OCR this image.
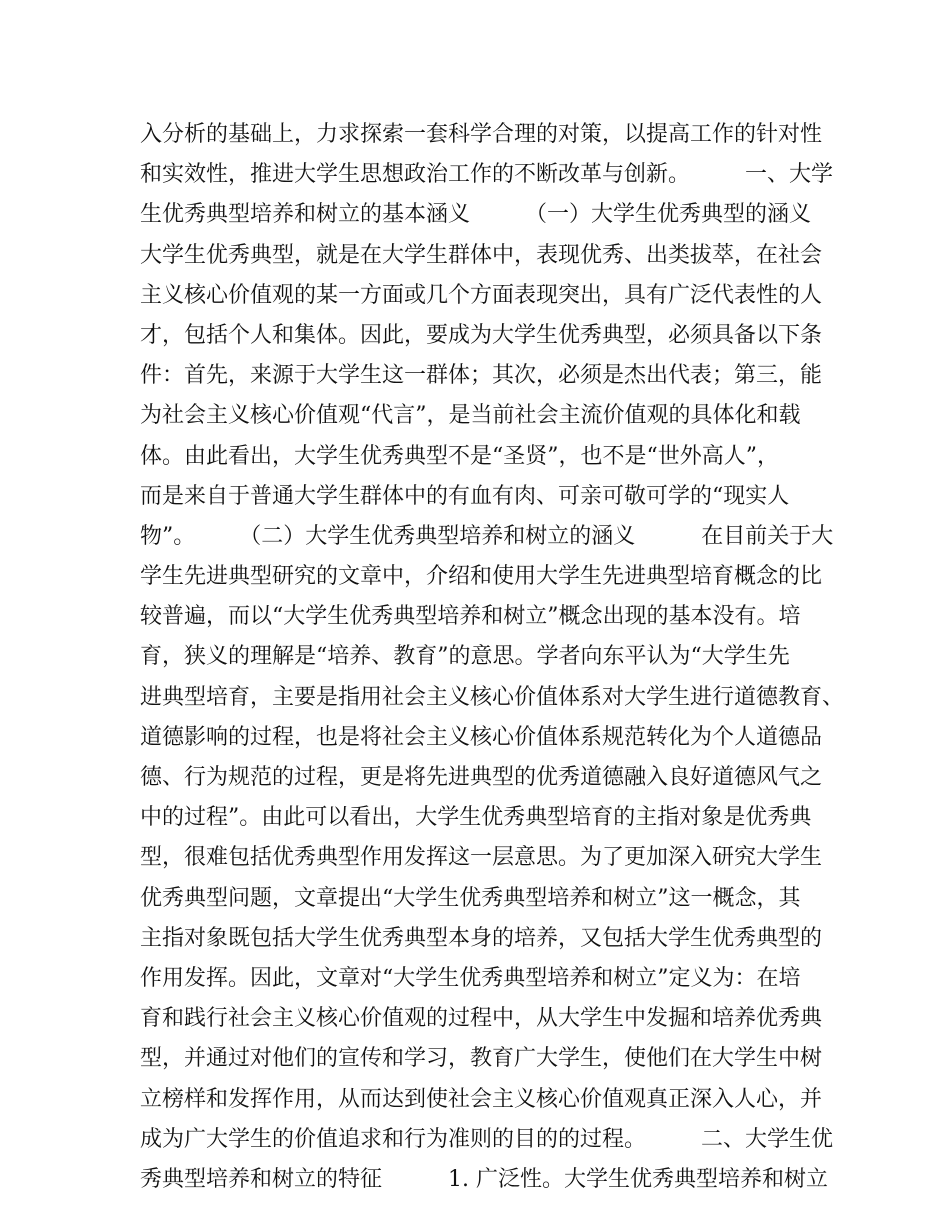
入分析的基础上，力求探索一套科学合理的对策，以提高工作的针对性
和实效性，推进大学生思想政治工作的不断改革与创新。　　　一、大学
生优秀典型培养和树立的基本涵义　　　（一）大学生优秀典型的涵义
大学生优秀典型，就是在大学生群体中，表现优秀、出类拔萃，在社会
主义核心价值观的某一方面或几个方面表现突出，具有广泛代表性的人
才，包括个人和集体。因此，要成为大学生优秀典型，必须具备以下条
件：首先，来源于大学生这一群体；其次，必须是杰出代表；第三，能
为社会主义核心价值观“代言”，是当前社会主流价值观的具体化和载
体。由此看出，大学生优秀典型不是“圣贤”，也不是“世外高人”，
而是来自于普通大学生群体中的有血有肉、可亲可敬可学的“现实人
物”。　　　（二）大学生优秀典型培养和树立的涵义　　　在目前关于大
学生先进典型研究的文章中，介绍和使用大学生先进典型培育概念的比
较普遍，而以“大学生优秀典型培养和树立”概念出现的基本没有。培
育，狭义的理解是“培养、教育”的意思。学者向东平认为“大学生先
进典型培育，主要是指用社会主义核心价值体系对大学生进行道德教育、
道德影响的过程，也是将社会主义核心价值体系规范转化为个人道德品
德、行为规范的过程，更是将先进典型的优秀道德融入良好道德风气之
中的过程”。由此可以看出，大学生优秀典型培育的主指对象是优秀典
型，很难包括优秀典型作用发挥这一层意思。为了更加深入研究大学生
优秀典型问题，文章提出“大学生优秀典型培养和树立”这一概念，其
主指对象既包括大学生优秀典型本身的培养，又包括大学生优秀典型的
作用发挥。因此，文章对“大学生优秀典型培养和树立”定义为：在培
育和践行社会主义核心价值观的过程中，从大学生中发掘和培养优秀典
型，并通过对他们的宣传和学习，教育广大学生，使他们在大学生中树
立榜样和发挥作用，从而达到使社会主义核心价值观真正深入人心，并
成为广大学生的价值追求和行为准则的目的的过程。　　　二、大学生优
秀典型培养和树立的特征　　　1. 广泛性。大学生优秀典型培养和树立
